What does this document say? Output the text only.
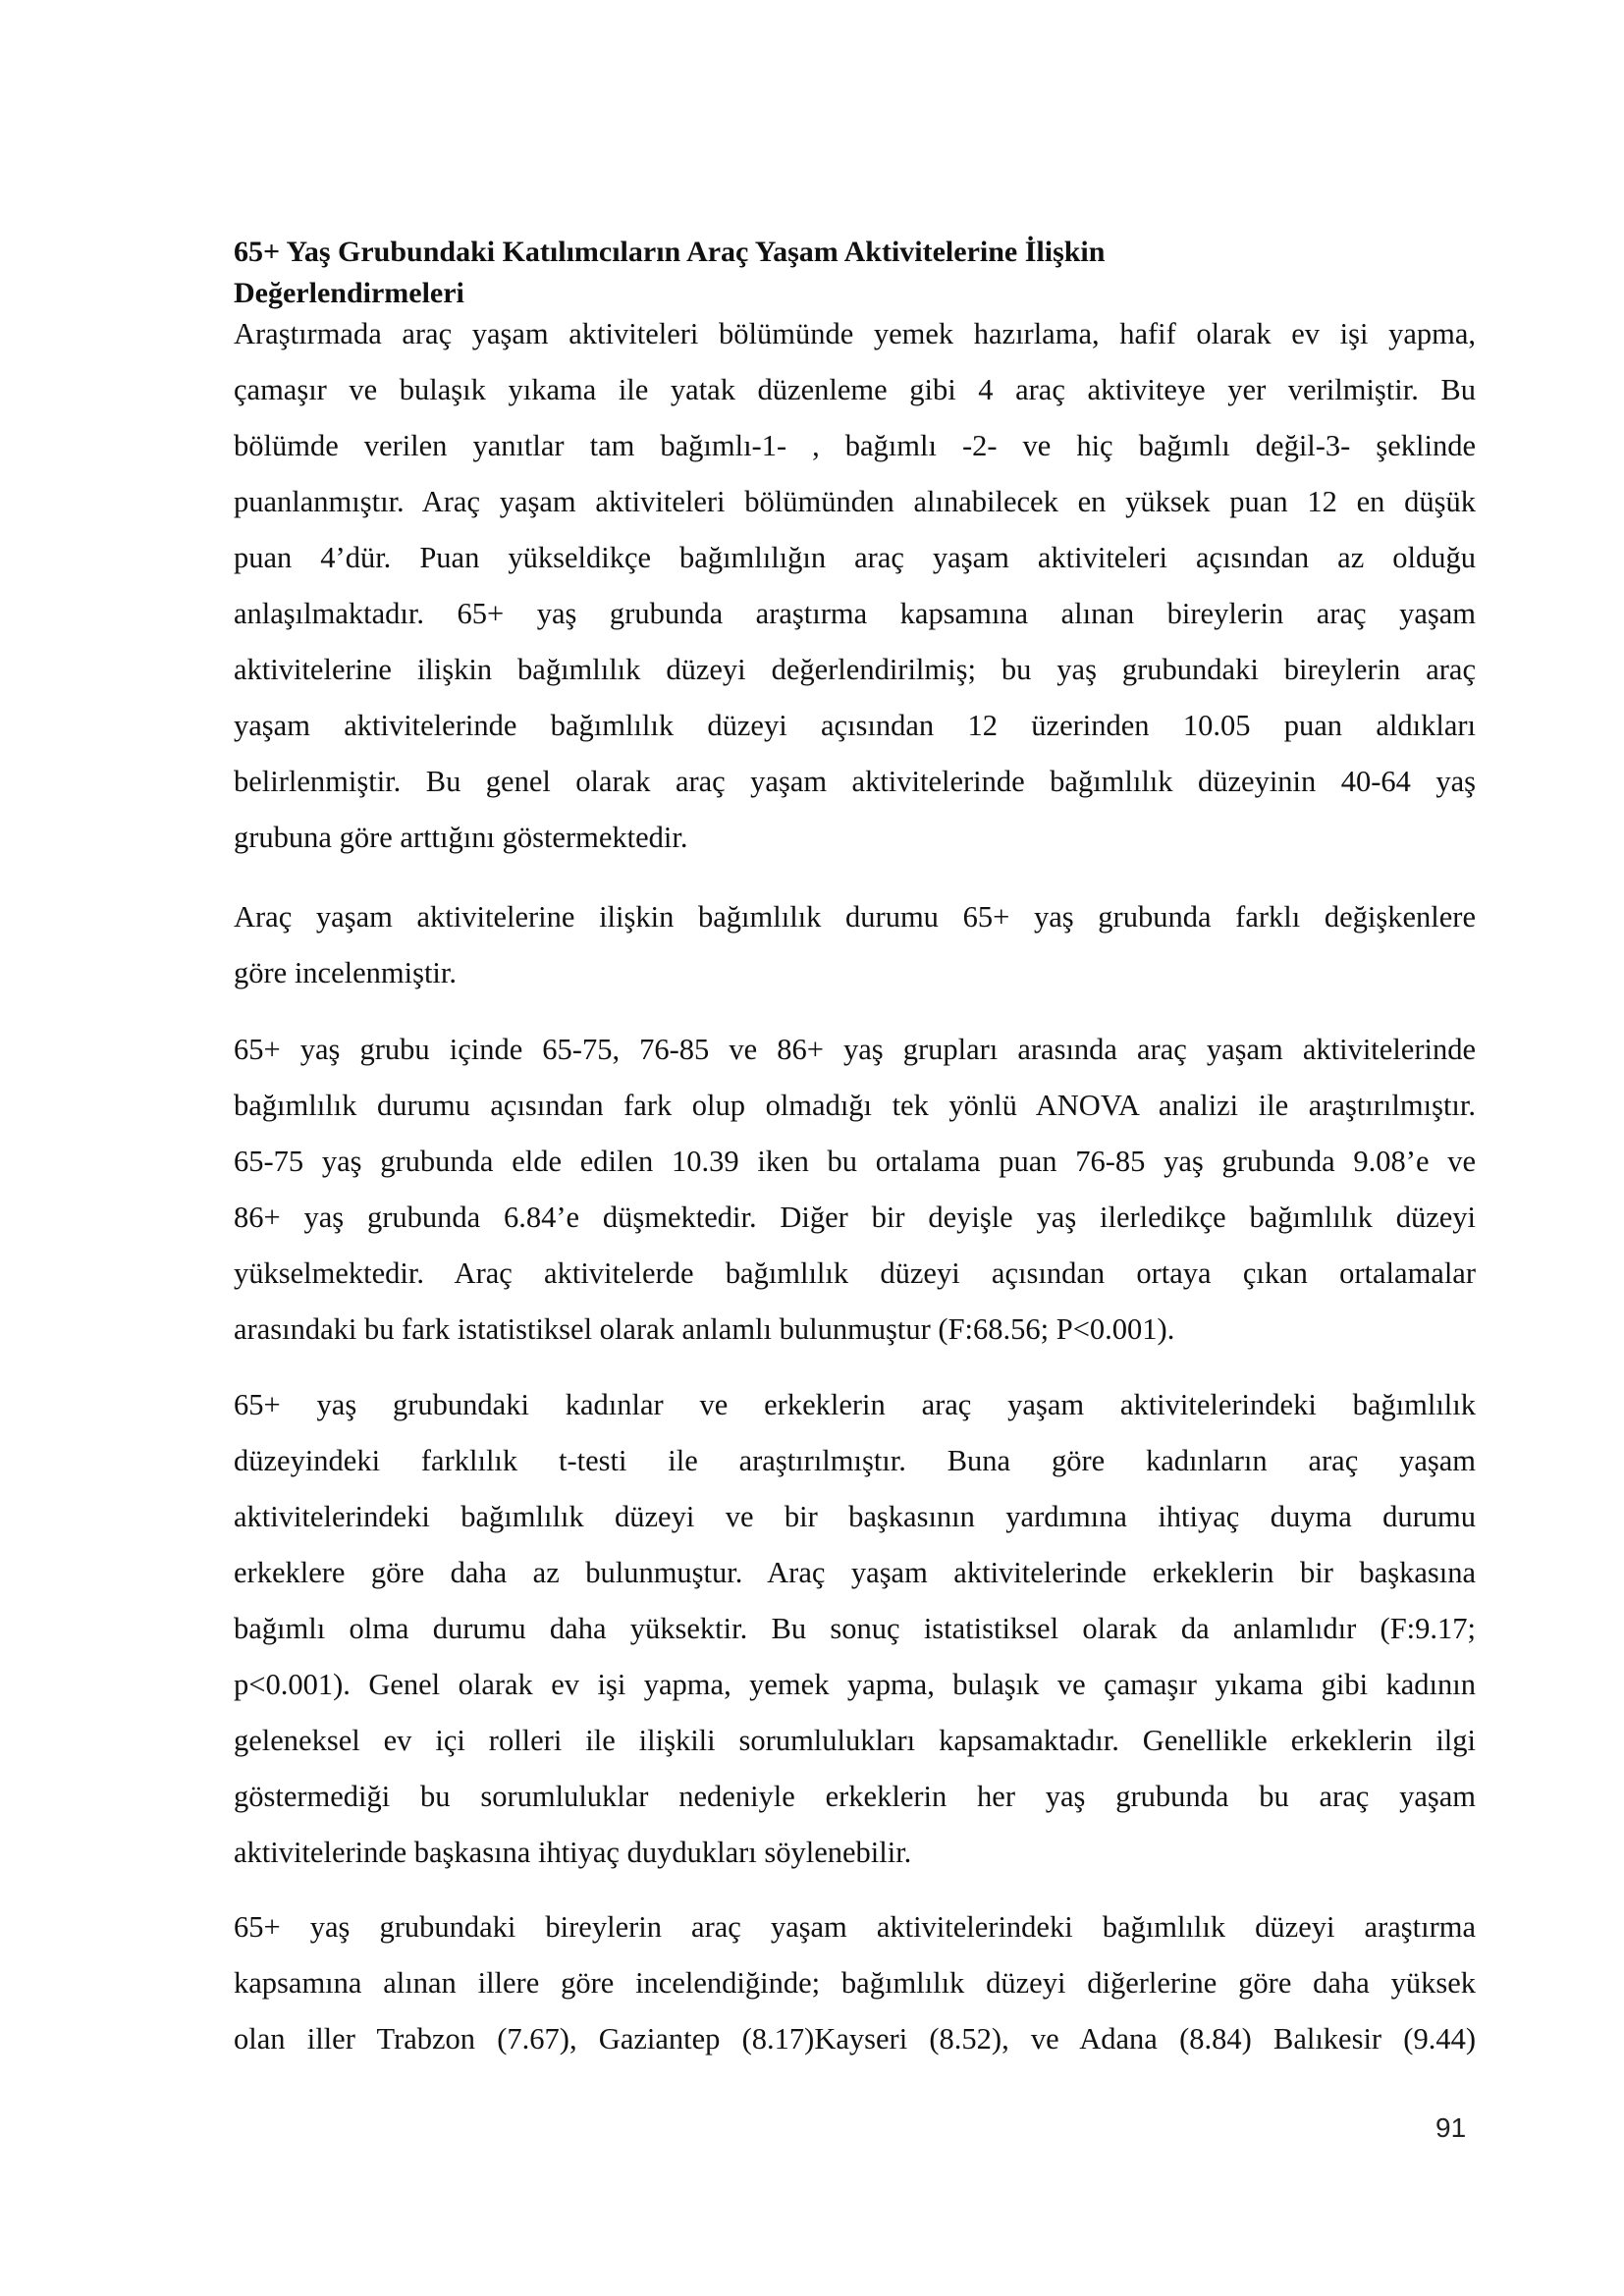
65+ Yaş Grubundaki Katılımcıların Araç Yaşam Aktivitelerine İlişkin
Değerlendirmeleri
Araştırmada araç yaşam aktiviteleri bölümünde yemek hazırlama, hafif olarak ev işi yapma,
çamaşır ve bulaşık yıkama ile yatak düzenleme gibi 4 araç aktiviteye yer verilmiştir. Bu
bölümde verilen yanıtlar tam bağımlı-1- , bağımlı -2- ve hiç bağımlı değil-3- şeklinde
puanlanmıştır. Araç yaşam aktiviteleri bölümünden alınabilecek en yüksek puan 12 en düşük
puan 4’dür. Puan yükseldikçe bağımlılığın araç yaşam aktiviteleri açısından az olduğu
anlaşılmaktadır. 65+ yaş grubunda araştırma kapsamına alınan bireylerin araç yaşam
aktivitelerine ilişkin bağımlılık düzeyi değerlendirilmiş; bu yaş grubundaki bireylerin araç
yaşam aktivitelerinde bağımlılık düzeyi açısından 12 üzerinden 10.05 puan aldıkları
belirlenmiştir. Bu genel olarak araç yaşam aktivitelerinde bağımlılık düzeyinin 40-64 yaş
grubuna göre arttığını göstermektedir.
Araç yaşam aktivitelerine ilişkin bağımlılık durumu 65+ yaş grubunda farklı değişkenlere
göre incelenmiştir.
65+ yaş grubu içinde 65-75, 76-85 ve 86+ yaş grupları arasında araç yaşam aktivitelerinde
bağımlılık durumu açısından fark olup olmadığı tek yönlü ANOVA analizi ile araştırılmıştır.
65-75 yaş grubunda elde edilen 10.39 iken bu ortalama puan 76-85 yaş grubunda 9.08’e ve
86+ yaş grubunda 6.84’e düşmektedir. Diğer bir deyişle yaş ilerledikçe bağımlılık düzeyi
yükselmektedir. Araç aktivitelerde bağımlılık düzeyi açısından ortaya çıkan ortalamalar
arasındaki bu fark istatistiksel olarak anlamlı bulunmuştur (F:68.56; P<0.001).
65+ yaş grubundaki kadınlar ve erkeklerin araç yaşam aktivitelerindeki bağımlılık
düzeyindeki farklılık t-testi ile araştırılmıştır. Buna göre kadınların araç yaşam
aktivitelerindeki bağımlılık düzeyi ve bir başkasının yardımına ihtiyaç duyma durumu
erkeklere göre daha az bulunmuştur. Araç yaşam aktivitelerinde erkeklerin bir başkasına
bağımlı olma durumu daha yüksektir. Bu sonuç istatistiksel olarak da anlamlıdır (F:9.17;
p<0.001). Genel olarak ev işi yapma, yemek yapma, bulaşık ve çamaşır yıkama gibi kadının
geleneksel ev içi rolleri ile ilişkili sorumlulukları kapsamaktadır. Genellikle erkeklerin ilgi
göstermediği bu sorumluluklar nedeniyle erkeklerin her yaş grubunda bu araç yaşam
aktivitelerinde başkasına ihtiyaç duydukları söylenebilir.
65+ yaş grubundaki bireylerin araç yaşam aktivitelerindeki bağımlılık düzeyi araştırma
kapsamına alınan illere göre incelendiğinde; bağımlılık düzeyi diğerlerine göre daha yüksek
olan iller Trabzon (7.67), Gaziantep (8.17)Kayseri (8.52), ve Adana (8.84) Balıkesir (9.44)
91
